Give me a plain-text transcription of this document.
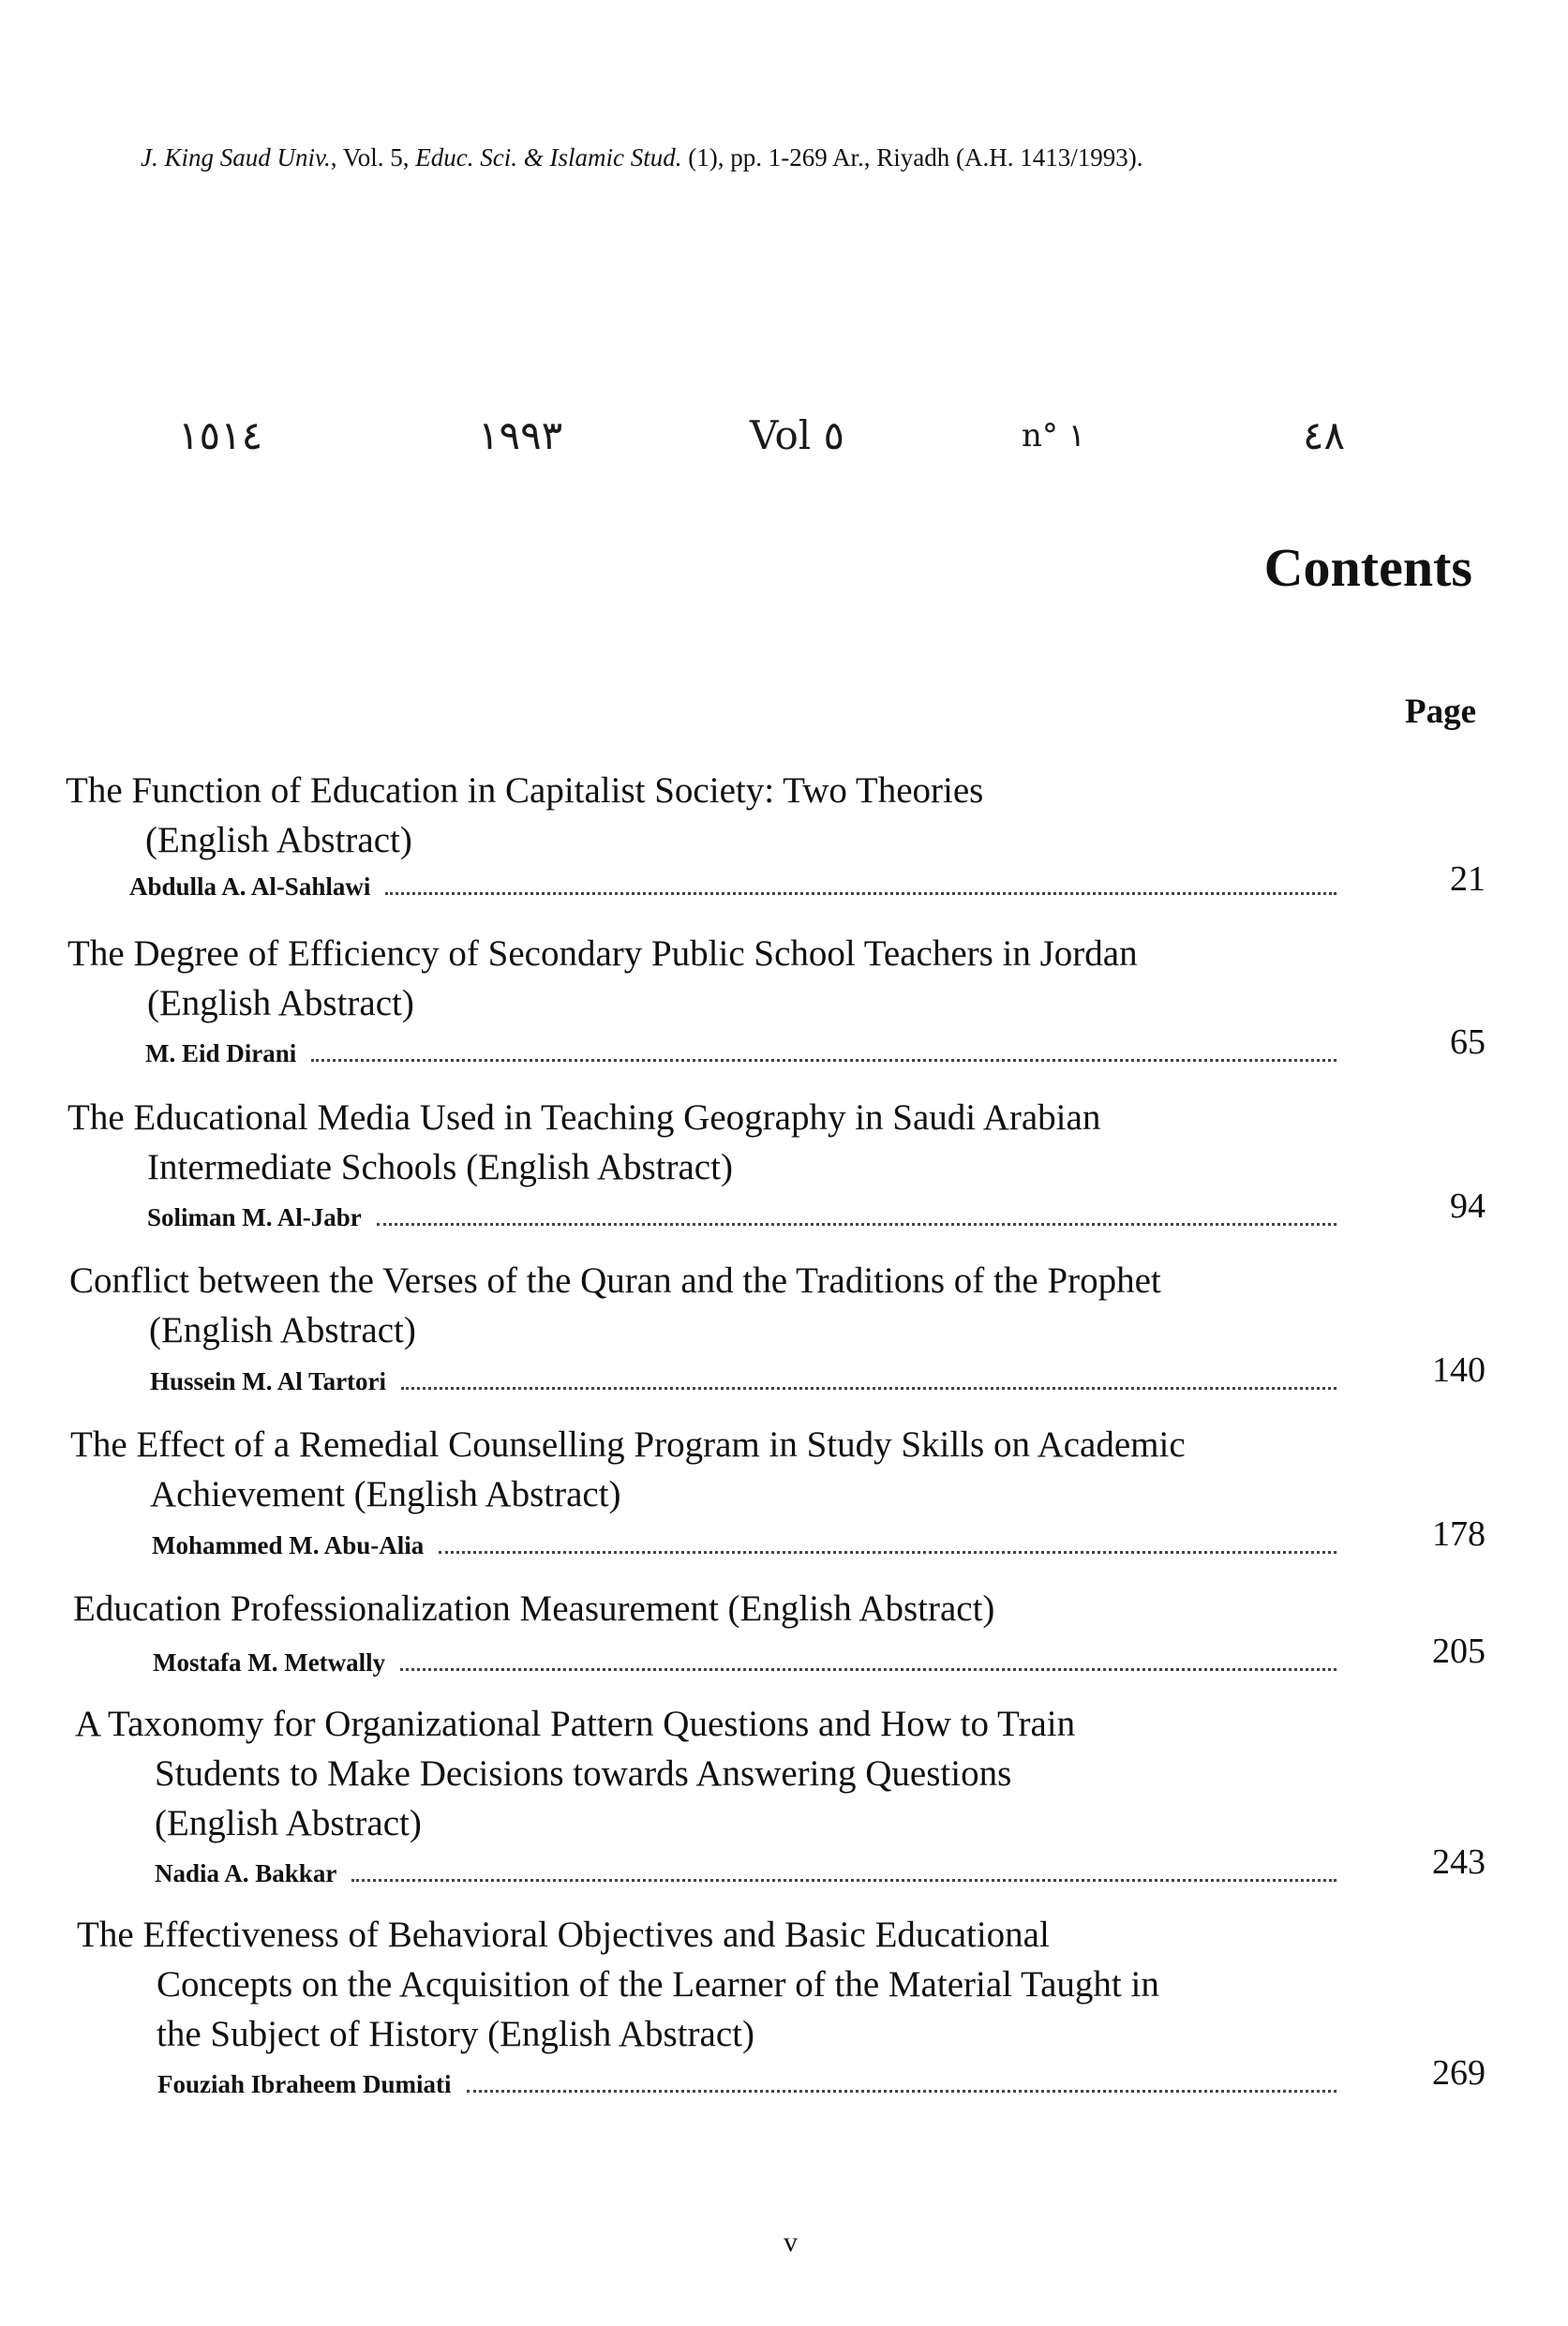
J. King Saud Univ., Vol. 5, Educ. Sci. & Islamic Stud. (1), pp. 1-269 Ar., Riyadh (A.H. 1413/1993).
١٥١٤	١٩٩٣	Vol ٥	n° ١	٤٨
Contents
Page
The Function of Education in Capitalist Society: Two Theories
(English Abstract)
Abdulla A. Al-Sahlawi	21
The Degree of Efficiency of Secondary Public School Teachers in Jordan
(English Abstract)
M. Eid Dirani	65
The Educational Media Used in Teaching Geography in Saudi Arabian
Intermediate Schools (English Abstract)
Soliman M. Al-Jabr	94
Conflict between the Verses of the Quran and the Traditions of the Prophet
(English Abstract)
Hussein M. Al Tartori	140
The Effect of a Remedial Counselling Program in Study Skills on Academic
Achievement (English Abstract)
Mohammed M. Abu-Alia	178
Education Professionalization Measurement (English Abstract)
Mostafa M. Metwally	205
A Taxonomy for Organizational Pattern Questions and How to Train
Students to Make Decisions towards Answering Questions
(English Abstract)
Nadia A. Bakkar	243
The Effectiveness of Behavioral Objectives and Basic Educational
Concepts on the Acquisition of the Learner of the Material Taught in
the Subject of History (English Abstract)
Fouziah Ibraheem Dumiati	269
v
